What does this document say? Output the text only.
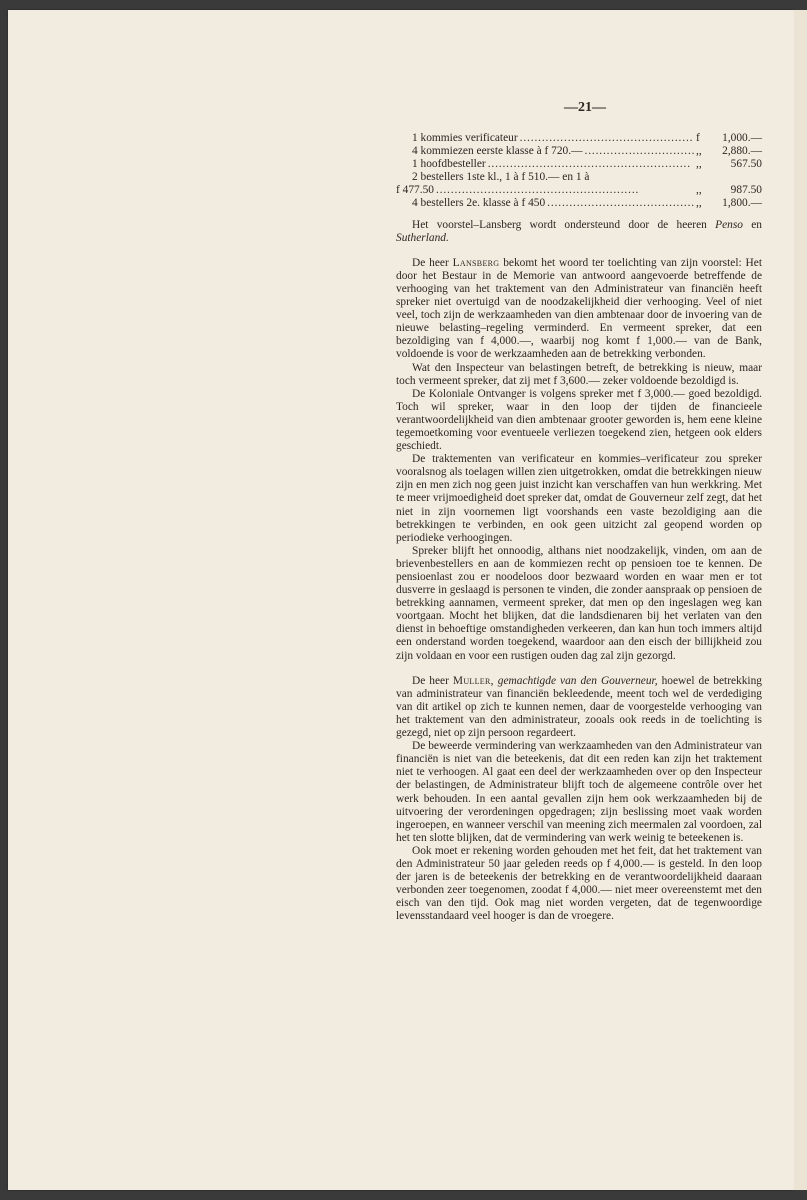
—21—
1 kommies verificateur . . .	f	1,000.—
4 kommiezen eerste klasse à f 720.— . . .	,,	2,880.—
1 hoofdbesteller . . .	,,	567.50
2 bestellers 1ste kl., 1 à f 510.— en 1 à
f 477.50 . . .	,,	987.50
4 bestellers 2e. klasse à f 450 . . .	,,	1,800.—

Het voorstel–Lansberg wordt ondersteund door de heeren Penso en Sutherland.

De heer Lansberg bekomt het woord ter toelichting van zijn voorstel: Het door het Bestaur in de Memorie van antwoord aangevoerde betreffende de verhooging van het traktement van den Administrateur van financiën heeft spreker niet overtuigd van de noodzakelijkheid dier verhooging. Veel of niet veel, toch zijn de werkzaamheden van dien ambtenaar door de invoering van de nieuwe belasting–regeling verminderd. En vermeent spreker, dat een bezoldiging van f 4,000.—, waarbij nog komt f 1,000.— van de Bank, voldoende is voor de werkzaamheden aan de betrekking verbonden.

Wat den Inspecteur van belastingen betreft, de betrekking is nieuw, maar toch vermeent spreker, dat zij met f 3,600.— zeker voldoende bezoldigd is.

De Koloniale Ontvanger is volgens spreker met f 3,000.— goed bezoldigd. Toch wil spreker, waar in den loop der tijden de financieele verantwoordelijkheid van dien ambtenaar grooter geworden is, hem eene kleine tegemoetkoming voor eventueele verliezen toegekend zien, hetgeen ook elders geschiedt.

De traktementen van verificateur en kommies–verificateur zou spreker vooralsnog als toelagen willen zien uitgetrokken, omdat die betrekkingen nieuw zijn en men zich nog geen juist inzicht kan verschaffen van hun werkkring. Met te meer vrijmoedigheid doet spreker dat, omdat de Gouverneur zelf zegt, dat het niet in zijn voornemen ligt voorshands een vaste bezoldiging aan die betrekkingen te verbinden, en ook geen uitzicht zal geopend worden op periodieke verhoogingen.

Spreker blijft het onnoodig, althans niet noodzakelijk, vinden, om aan de brievenbestellers en aan de kommiezen recht op pensioen toe te kennen. De pensioenlast zou er noodeloos door bezwaard worden en waar men er tot dusverre in geslaagd is personen te vinden, die zonder aanspraak op pensioen de betrekking aannamen, vermeent spreker, dat men op den ingeslagen weg kan voortgaan. Mocht het blijken, dat die landsdienaren bij het verlaten van den dienst in behoeftige omstandigheden verkeeren, dan kan hun toch immers altijd een onderstand worden toegekend, waardoor aan den eisch der billijkheid zou zijn voldaan en voor een rustigen ouden dag zal zijn gezorgd.

De heer Muller, gemachtigde van den Gouverneur, hoewel de betrekking van administrateur van financiën bekleedende, meent toch wel de verdediging van dit artikel op zich te kunnen nemen, daar de voorgestelde verhooging van het traktement van den administrateur, zooals ook reeds in de toelichting is gezegd, niet op zijn persoon regardeert.

De beweerde vermindering van werkzaamheden van den Administrateur van financiën is niet van die beteekenis, dat dit een reden kan zijn het traktement niet te verhoogen. Al gaat een deel der werkzaamheden over op den Inspecteur der belastingen, de Administrateur blijft toch de algemeene contrôle over het werk behouden. In een aantal gevallen zijn hem ook werkzaamheden bij de uitvoering der verordeningen opgedragen; zijn beslissing moet vaak worden ingeroepen, en wanneer verschil van meening zich meermalen zal voordoen, zal het ten slotte blijken, dat de vermindering van werk weinig te beteekenen is.

Ook moet er rekening worden gehouden met het feit, dat het traktement van den Administrateur 50 jaar geleden reeds op f 4,000.— is gesteld. In den loop der jaren is de beteekenis der betrekking en de verantwoordelijkheid daaraan verbonden zeer toegenomen, zoodat f 4,000.— niet meer overeenstemt met den eisch van den tijd. Ook mag niet worden vergeten, dat de tegenwoordige levensstandaard veel hooger is dan de vroegere.
